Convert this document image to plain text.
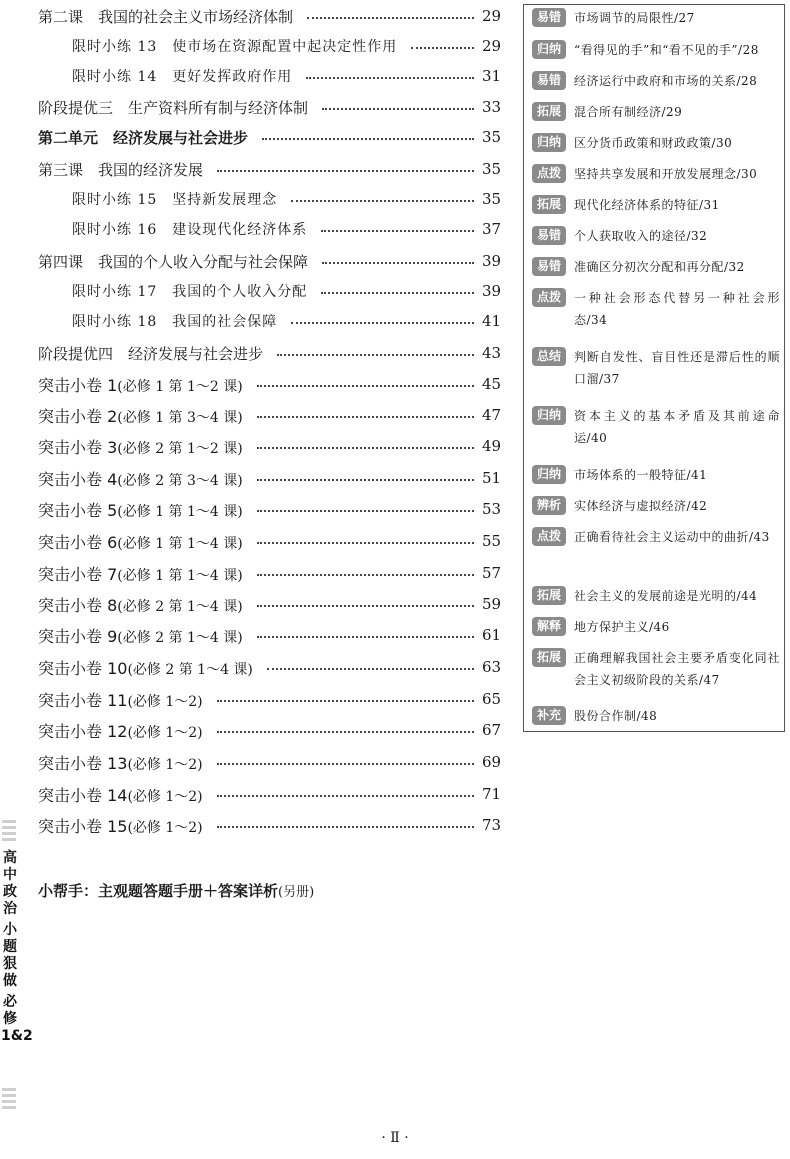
第二课　我国的社会主义市场经济体制	29
限时小练 13　使市场在资源配置中起决定性作用	29
限时小练 14　更好发挥政府作用	31
阶段提优三　生产资料所有制与经济体制	33
第二单元　经济发展与社会进步	35
第三课　我国的经济发展	35
限时小练 15　坚持新发展理念	35
限时小练 16　建设现代化经济体系	37
第四课　我国的个人收入分配与社会保障	39
限时小练 17　我国的个人收入分配	39
限时小练 18　我国的社会保障	41
阶段提优四　经济发展与社会进步	43
突击小卷 1(必修 1 第 1～2 课)	45
突击小卷 2(必修 1 第 3～4 课)	47
突击小卷 3(必修 2 第 1～2 课)	49
突击小卷 4(必修 2 第 3～4 课)	51
突击小卷 5(必修 1 第 1～4 课)	53
突击小卷 6(必修 1 第 1～4 课)	55
突击小卷 7(必修 1 第 1～4 课)	57
突击小卷 8(必修 2 第 1～4 课)	59
突击小卷 9(必修 2 第 1～4 课)	61
突击小卷 10(必修 2 第 1～4 课)	63
突击小卷 11(必修 1～2)	65
突击小卷 12(必修 1～2)	67
突击小卷 13(必修 1～2)	69
突击小卷 14(必修 1～2)	71
突击小卷 15(必修 1～2)	73
小帮手：主观题答题手册＋答案详析(另册)
易错	市场调节的局限性/27
归纳	“看得见的手”和“看不见的手”/28
易错	经济运行中政府和市场的关系/28
拓展	混合所有制经济/29
归纳	区分货币政策和财政政策/30
点拨	坚持共享发展和开放发展理念/30
拓展	现代化经济体系的特征/31
易错	个人获取收入的途径/32
易错	准确区分初次分配和再分配/32
点拨	一种社会形态代替另一种社会形态/34
总结	判断自发性、盲目性还是滞后性的顺口溜/37
归纳	资本主义的基本矛盾及其前途命运/40
归纳	市场体系的一般特征/41
辨析	实体经济与虚拟经济/42
点拨	正确看待社会主义运动中的曲折/43
拓展	社会主义的发展前途是光明的/44
解释	地方保护主义/46
拓展	正确理解我国社会主要矛盾变化同社会主义初级阶段的关系/47
补充	股份合作制/48
高中政治
小题狠做
必修1&2
· Ⅱ ·
